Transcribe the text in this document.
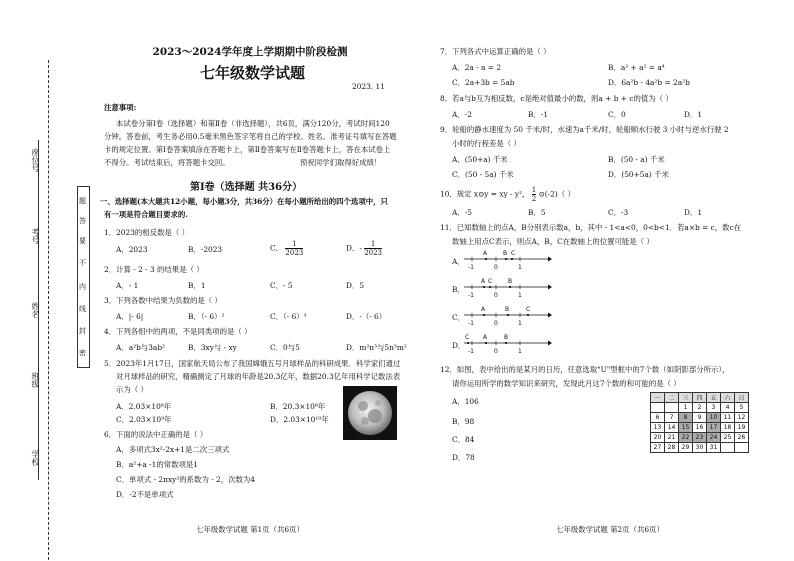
座位号
考号
姓名
班级
学校
题
答
要
不
内
线
封
密
2023～2024学年度上学期期中阶段检测
七年级数学试题
2023. 11
注意事项:
本试卷分第Ⅰ卷（选择题）和第Ⅱ卷（非选择题），共6页，满分120分，考试时间120
分钟。答卷前，考生务必用0.5毫米黑色签字笔将自己的学校、姓名、准考证号填写在答题
卡的规定位置。第Ⅰ卷答案填涂在答题卡上，第Ⅱ卷答案写在Ⅱ卷答题卡上，答在本试卷上
不得分。考试结束后，将答题卡交回。	预祝同学们取得好成绩！
第Ⅰ卷（选择题 共36分）
一、选择题(本大题共12小题，每小题3分，共36分）在每小题所给出的四个选项中，只
有一项是符合题目要求的.
1．2023的相反数是（ ）
A．2023	B．-2023	C． $\frac{1}{2023}$	D．- $\frac{1}{2023}$
2．计算 - 2 - 3 的结果是（ ）
A．- 1	B．1	C．- 5	D．5
3．下列各数中结果为负数的是（ ）
A．|- 6|	B．（- 6）²	C．（- 6）³	D．-（- 6）
4．下列各组中的两项，不是同类项的是（ ）
A．a²b与3ab²	B．3xy与 - xy	C．0与5	D．m²n³与5n³m²
5．2023年1月17日，国家航天局公布了我国嫦娥五号月球样品的科研成果．科学家们通过
对月球样品的研究，精确测定了月球的年龄是20.3亿年，数据20.3亿年用科学记数法表
示为（ ）
A．2.03×10⁸年	B．20.3×10⁸年
C．2.03×10⁹年	D．2.03×10¹⁰年
6．下面的说法中正确的是（ ）
A．多项式3x²-2x+1是二次三项式
B．a²+a -1的常数项是1
C．单项式 - 2πxy²的系数为 - 2，次数为4
D．-2不是单项式
七年级数学试题 第1页（共6页）
7．下列各式中运算正确的是（ ）
A．2a - a = 2	B．a² + a² = a⁴
C．2a+3b = 5ab	D．6a²b - 4a²b = 2a²b
8．若a与b互为相反数，c是绝对值最小的数，则a + b + c的值为（ ）
A．-2	B．-1	C．0	D．1
9．轮船的静水速度为 50 千米/时，水速为a千米/时，轮船顺水行驶 3 小时与逆水行驶 2
小时的行程差是（ ）
A．(50+a) 千米	B．(50 - a) 千米
C．(50 - 5a) 千米	D．(50+5a) 千米
10．规定 x⊙y = xy - y²， $\frac{1}{2}$ ⊙(-2)（ ）
A．-5	B．5	C．-3	D．1
11．已知数轴上的点A，B分别表示数a，b，其中 - 1<a<0，0<b<1．若a×b = c，数c在
数轴上用点C表示，则点A，B，C在数轴上的位置可能是（ ）
A．
A	B C
-1	0	1
B．
A C	B
-1	0	1
C．
A	B	C
-1	0	1
D．
C A	B
-1	0	1
12．如图，表中给出的是某月的日历，任意选取"U"型框中的7个数（如阴影部分所示），
请你运用所学的数学知识来研究，发现此月这7个数的和可能的是（ ）
A．106
B．98
C．84
D．78
一	二	三	四	五	六	日
		1	2	3	4	5
6	7	8	9	10	11	12
13	14	15	16	17	18	19
20	21	22	23	24	25	26
27	28	29	30	31		
七年级数学试题 第2页（共6页）
